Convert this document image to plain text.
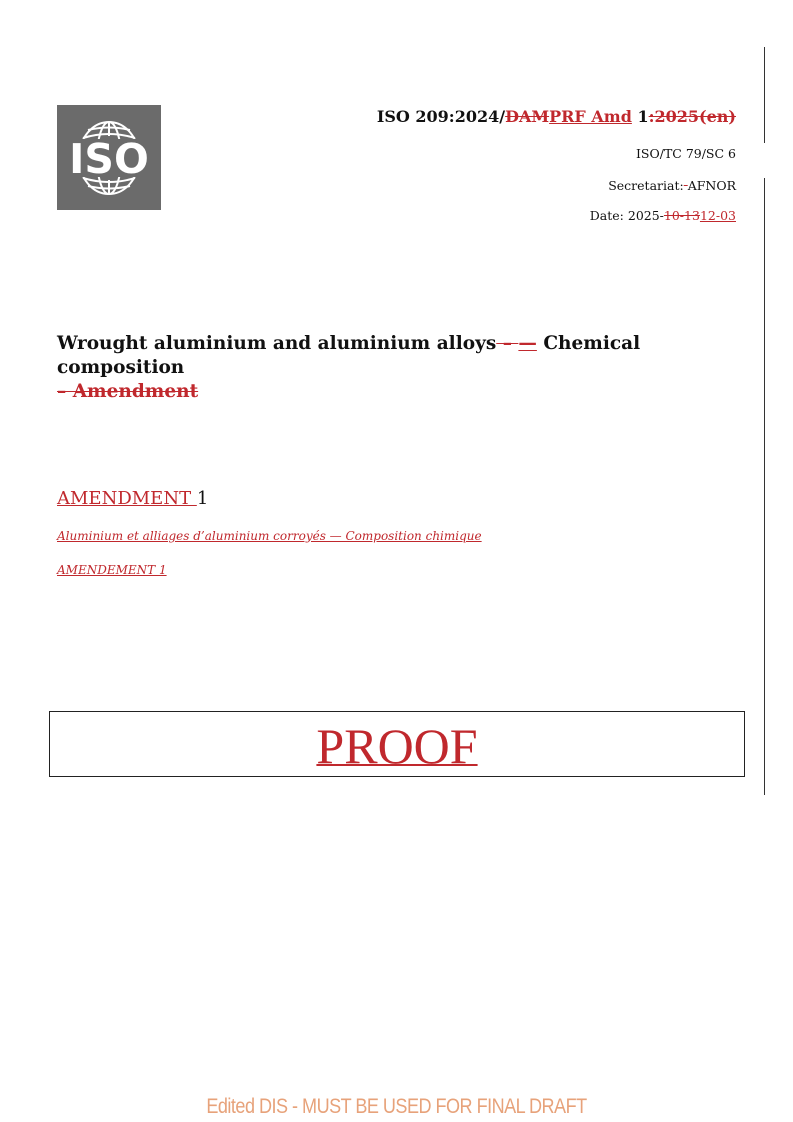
ISO
ISO 209:2024/DAMPRF Amd 1:2025(en)
ISO/TC 79/SC 6
Secretariat: AFNOR
Date: 2025-10-1312-03
Wrought aluminium and aluminium alloys – — Chemical composition
– Amendment
AMENDMENT 1
Aluminium et alliages d’aluminium corroyés — Composition chimique
AMENDEMENT 1
PROOF
Edited DIS - MUST BE USED FOR FINAL DRAFT
